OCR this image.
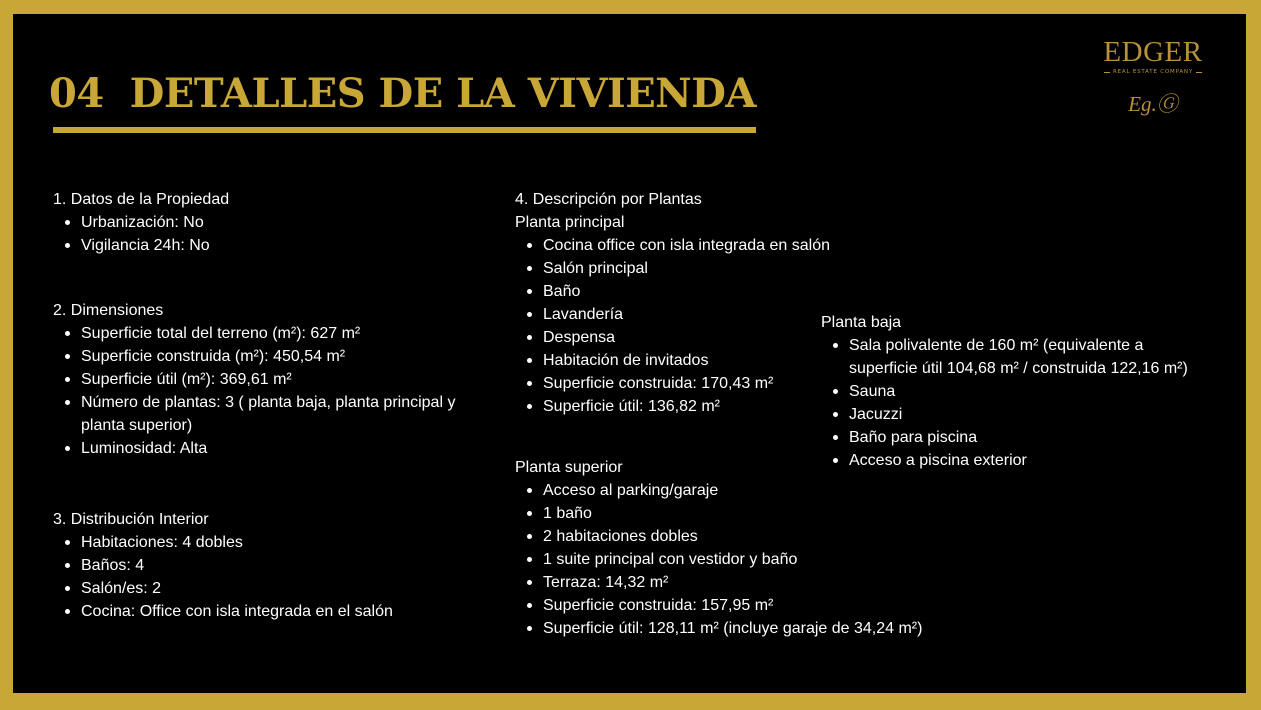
04 DETALLES DE LA VIVIENDA
EDGER
REAL ESTATE COMPANY
Eg.Ⓖ
1. Datos de la Propiedad
Urbanización: No
Vigilancia 24h: No
2. Dimensiones
Superficie total del terreno (m²): 627 m²
Superficie construida (m²): 450,54 m²
Superficie útil (m²): 369,61 m²
Número de plantas: 3 ( planta baja, planta principal y
planta superior)
Luminosidad: Alta
3. Distribución Interior
Habitaciones: 4 dobles
Baños: 4
Salón/es: 2
Cocina: Office con isla integrada en el salón
4. Descripción por Plantas
Planta principal
Cocina office con isla integrada en salón
Salón principal
Baño
Lavandería
Despensa
Habitación de invitados
Superficie construida: 170,43 m²
Superficie útil: 136,82 m²
Planta superior
Acceso al parking/garaje
1 baño
2 habitaciones dobles
1 suite principal con vestidor y baño
Terraza: 14,32 m²
Superficie construida: 157,95 m²
Superficie útil: 128,11 m² (incluye garaje de 34,24 m²)
Planta baja
Sala polivalente de 160 m² (equivalente a
superficie útil 104,68 m² / construida 122,16 m²)
Sauna
Jacuzzi
Baño para piscina
Acceso a piscina exterior
